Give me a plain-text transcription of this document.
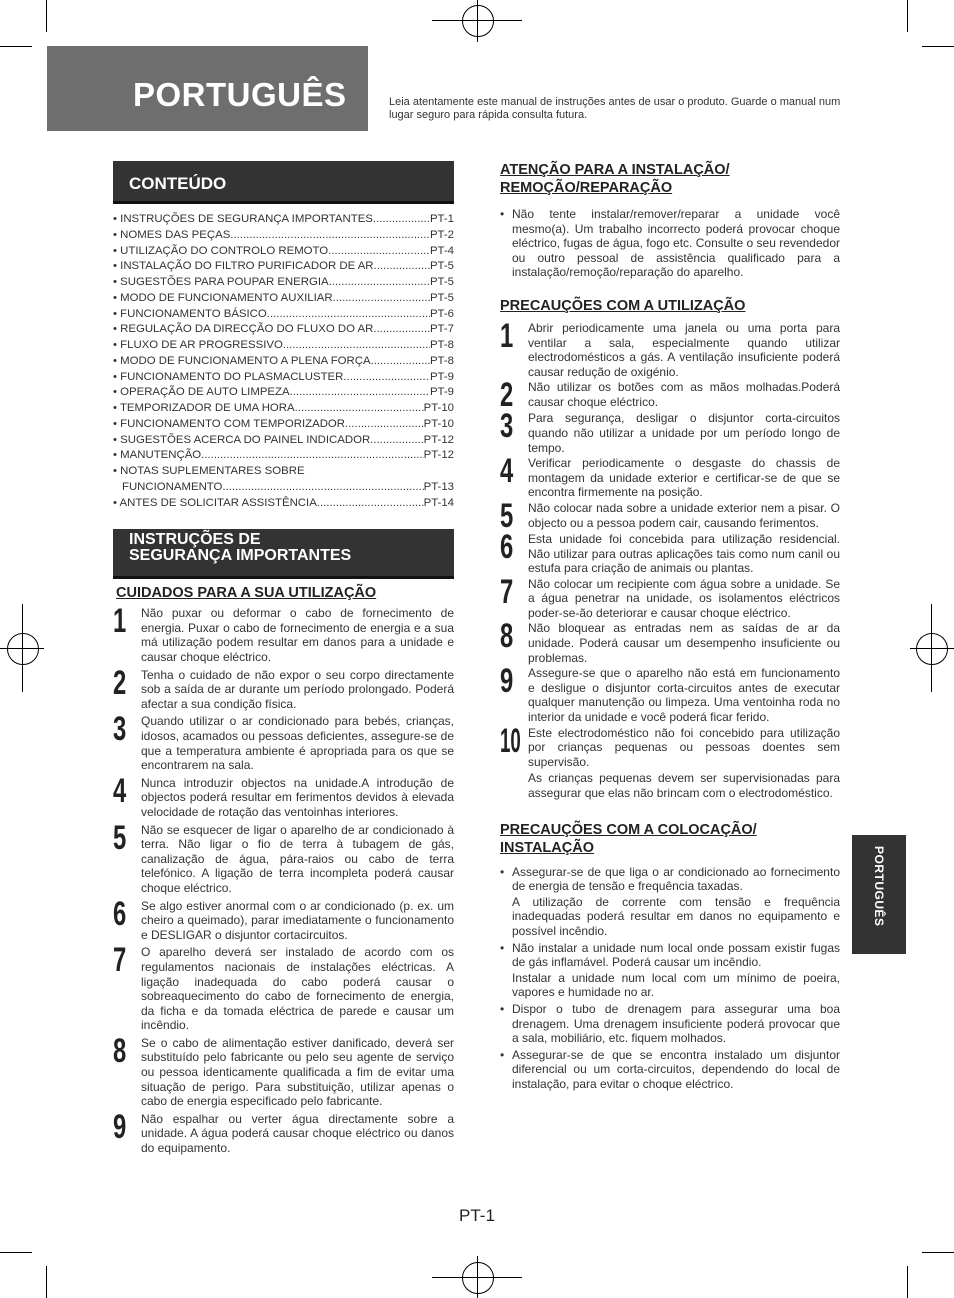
PORTUGUÊS	Leia atentamente este manual de instruções antes de usar o produto. Guarde o manual num lugar seguro para rápida consulta futura.
CONTEÚDO
• INSTRUÇÕES DE SEGURANÇA IMPORTANTES .....	PT-1
• NOMES DAS PEÇAS .....	PT-2
• UTILIZAÇÃO DO CONTROLO REMOTO .....	PT-4
• INSTALAÇÃO DO FILTRO PURIFICADOR DE AR .....	PT-5
• SUGESTÕES PARA POUPAR ENERGIA .....	PT-5
• MODO DE FUNCIONAMENTO AUXILIAR .....	PT-5
• FUNCIONAMENTO BÁSICO .....	PT-6
• REGULAÇÃO DA DIRECÇÃO DO FLUXO DO AR .....	PT-7
• FLUXO DE AR PROGRESSIVO .....	PT-8
• MODO DE FUNCIONAMENTO A PLENA FORÇA .....	PT-8
• FUNCIONAMENTO DO PLASMACLUSTER .....	PT-9
• OPERAÇÃO DE AUTO LIMPEZA .....	PT-9
• TEMPORIZADOR DE UMA HORA .....	PT-10
• FUNCIONAMENTO COM TEMPORIZADOR .....	PT-10
• SUGESTÕES ACERCA DO PAINEL INDICADOR .....	PT-12
• MANUTENÇÃO .....	PT-12
• NOTAS SUPLEMENTARES SOBRE
FUNCIONAMENTO .....	PT-13
• ANTES DE SOLICITAR ASSISTÊNCIA .....	PT-14
INSTRUÇÕES DE
SEGURANÇA IMPORTANTES
CUIDADOS PARA A SUA UTILIZAÇÃO
1	Não puxar ou deformar o cabo de fornecimento de energia. Puxar o cabo de fornecimento de energia e a sua má utilização podem resultar em danos para a unidade e causar choque eléctrico.
2	Tenha o cuidado de não expor o seu corpo directamente sob a saída de ar durante um período prolongado. Poderá afectar a sua condição física.
3	Quando utilizar o ar condicionado para bebés, crianças, idosos, acamados ou pessoas deficientes, assegure-se de que a temperatura ambiente é apropriada para os que se encontrarem na sala.
4	Nunca introduzir objectos na unidade.A introdução de objectos poderá resultar em ferimentos devidos à elevada velocidade de rotação das ventoinhas interiores.
5	Não se esquecer de ligar o aparelho de ar condicionado à terra. Não ligar o fio de terra à tubagem de gás, canalização de água, pára-raios ou cabo de terra telefónico. A ligação de terra incompleta poderá causar choque eléctrico.
6	Se algo estiver anormal com o ar condicionado (p. ex. um cheiro a queimado), parar imediatamente o funcionamento e DESLIGAR o disjuntor cortacircuitos.
7	O aparelho deverá ser instalado de acordo com os regulamentos nacionais de instalações eléctricas. A ligação inadequada do cabo poderá causar o sobreaquecimento do cabo de fornecimento de energia, da ficha e da tomada eléctrica de parede e causar um incêndio.
8	Se o cabo de alimentação estiver danificado, deverá ser substituído pelo fabricante ou pelo seu agente de serviço ou pessoa identicamente qualificada a fim de evitar uma situação de perigo. Para substituição, utilizar apenas o cabo de energia especificado pelo fabricante.
9	Não espalhar ou verter água directamente sobre a unidade. A água poderá causar choque eléctrico ou danos do equipamento.
ATENÇÃO PARA A INSTALAÇÃO/
REMOÇÃO/REPARAÇÃO
• Não tente instalar/remover/reparar a unidade você mesmo(a). Um trabalho incorrecto poderá provocar choque eléctrico, fugas de água, fogo etc. Consulte o seu revendedor ou outro pessoal de assistência qualificado para a instalação/remoção/reparação do aparelho.
PRECAUÇÕES COM A UTILIZAÇÃO
1	Abrir periodicamente uma janela ou uma porta para ventilar a sala, especialmente quando utilizar electrodomésticos a gás. A ventilação insuficiente poderá causar redução de oxigénio.
2	Não utilizar os botões com as mãos molhadas.Poderá causar choque eléctrico.
3	Para segurança, desligar o disjuntor corta-circuitos quando não utilizar a unidade por um período longo de tempo.
4	Verificar periodicamente o desgaste do chassis de montagem da unidade exterior e certificar-se de que se encontra firmemente na posição.
5	Não colocar nada sobre a unidade exterior nem a pisar. O objecto ou a pessoa podem cair, causando ferimentos.
6	Esta unidade foi concebida para utilização residencial. Não utilizar para outras aplicações tais como num canil ou estufa para criação de animais ou plantas.
7	Não colocar um recipiente com água sobre a unidade. Se a água penetrar na unidade, os isolamentos eléctricos poder-se-ão deteriorar e causar choque eléctrico.
8	Não bloquear as entradas nem as saídas de ar da unidade. Poderá causar um desempenho insuficiente ou problemas.
9	Assegure-se que o aparelho não está em funcionamento e desligue o disjuntor corta-circuitos antes de executar qualquer manutenção ou limpeza. Uma ventoinha roda no interior da unidade e você poderá ficar ferido.
10 Este electrodoméstico não foi concebido para utilização por crianças pequenas ou pessoas doentes sem supervisão.
As crianças pequenas devem ser supervisionadas para assegurar que elas não brincam com o electrodoméstico.
PRECAUÇÕES COM A COLOCAÇÃO/
INSTALAÇÃO
• Assegurar-se de que liga o ar condicionado ao fornecimento de energia de tensão e frequência taxadas.
A utilização de corrente com tensão e frequência inadequadas poderá resultar em danos no equipamento e possível incêndio.
• Não instalar a unidade num local onde possam existir fugas de gás inflamável. Poderá causar um incêndio.
Instalar a unidade num local com um mínimo de poeira, vapores e humidade no ar.
• Dispor o tubo de drenagem para assegurar uma boa drenagem. Uma drenagem insuficiente poderá provocar que a sala, mobiliário, etc. fiquem molhados.
• Assegurar-se de que se encontra instalado um disjuntor diferencial ou um corta-circuitos, dependendo do local de instalação, para evitar o choque eléctrico.
PORTUGUÊS
PT-1
